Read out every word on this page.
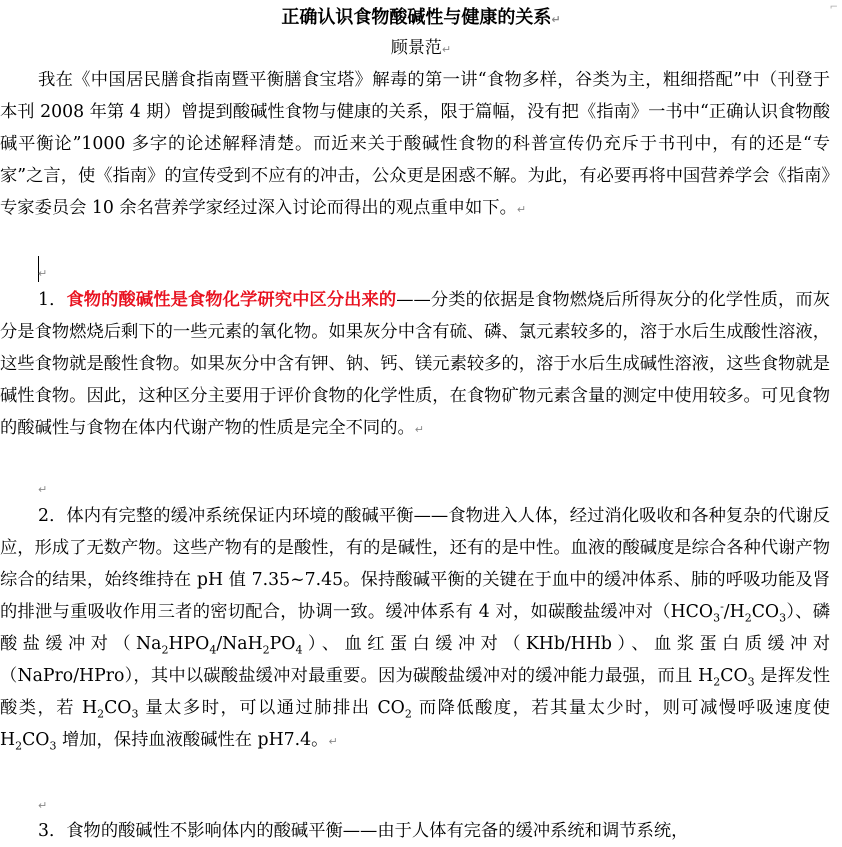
⌐
正确认识食物酸碱性与健康的关系↵
顾景范↵

我在《中国居民膳食指南暨平衡膳食宝塔》解毒的第一讲“食物多样，谷类为主，粗细搭配”中（刊登于本刊 2008 年第 4 期）曾提到酸碱性食物与健康的关系，限于篇幅，没有把《指南》一书中“正确认识食物酸碱平衡论”1000 多字的论述解释清楚。而近来关于酸碱性食物的科普宣传仍充斥于书刊中，有的还是“专家”之言，使《指南》的宣传受到不应有的冲击，公众更是困惑不解。为此，有必要再将中国营养学会《指南》专家委员会 10 余名营养学家经过深入讨论而得出的观点重申如下。↵

↵

1．食物的酸碱性是食物化学研究中区分出来的——分类的依据是食物燃烧后所得灰分的化学性质，而灰分是食物燃烧后剩下的一些元素的氧化物。如果灰分中含有硫、磷、氯元素较多的，溶于水后生成酸性溶液，这些食物就是酸性食物。如果灰分中含有钾、钠、钙、镁元素较多的，溶于水后生成碱性溶液，这些食物就是碱性食物。因此，这种区分主要用于评价食物的化学性质，在食物矿物元素含量的测定中使用较多。可见食物的酸碱性与食物在体内代谢产物的性质是完全不同的。↵

↵

2．体内有完整的缓冲系统保证内环境的酸碱平衡——食物进入人体，经过消化吸收和各种复杂的代谢反应，形成了无数产物。这些产物有的是酸性，有的是碱性，还有的是中性。血液的酸碱度是综合各种代谢产物综合的结果，始终维持在 pH 值 7.35~7.45。保持酸碱平衡的关键在于血中的缓冲体系、肺的呼吸功能及肾的排泄与重吸收作用三者的密切配合，协调一致。缓冲体系有 4 对，如碳酸盐缓冲对$(HCO_3^-/H_2CO_3)$、磷酸盐缓冲对$(Na_2HPO_4/NaH_2PO_4)$、血红蛋白缓冲对（KHb/HHb）、血浆蛋白质缓冲对（NaPro/HPro），其中以碳酸盐缓冲对最重要。因为碳酸盐缓冲对的缓冲能力最强，而且 $H_2CO_3$ 是挥发性酸类，若 $H_2CO_3$ 量太多时，可以通过肺排出 $CO_2$ 而降低酸度，若其量太少时，则可减慢呼吸速度使 $H_2CO_3$ 增加，保持血液酸碱性在 pH7.4。↵

↵

3．食物的酸碱性不影响体内的酸碱平衡——由于人体有完备的缓冲系统和调节系统，
